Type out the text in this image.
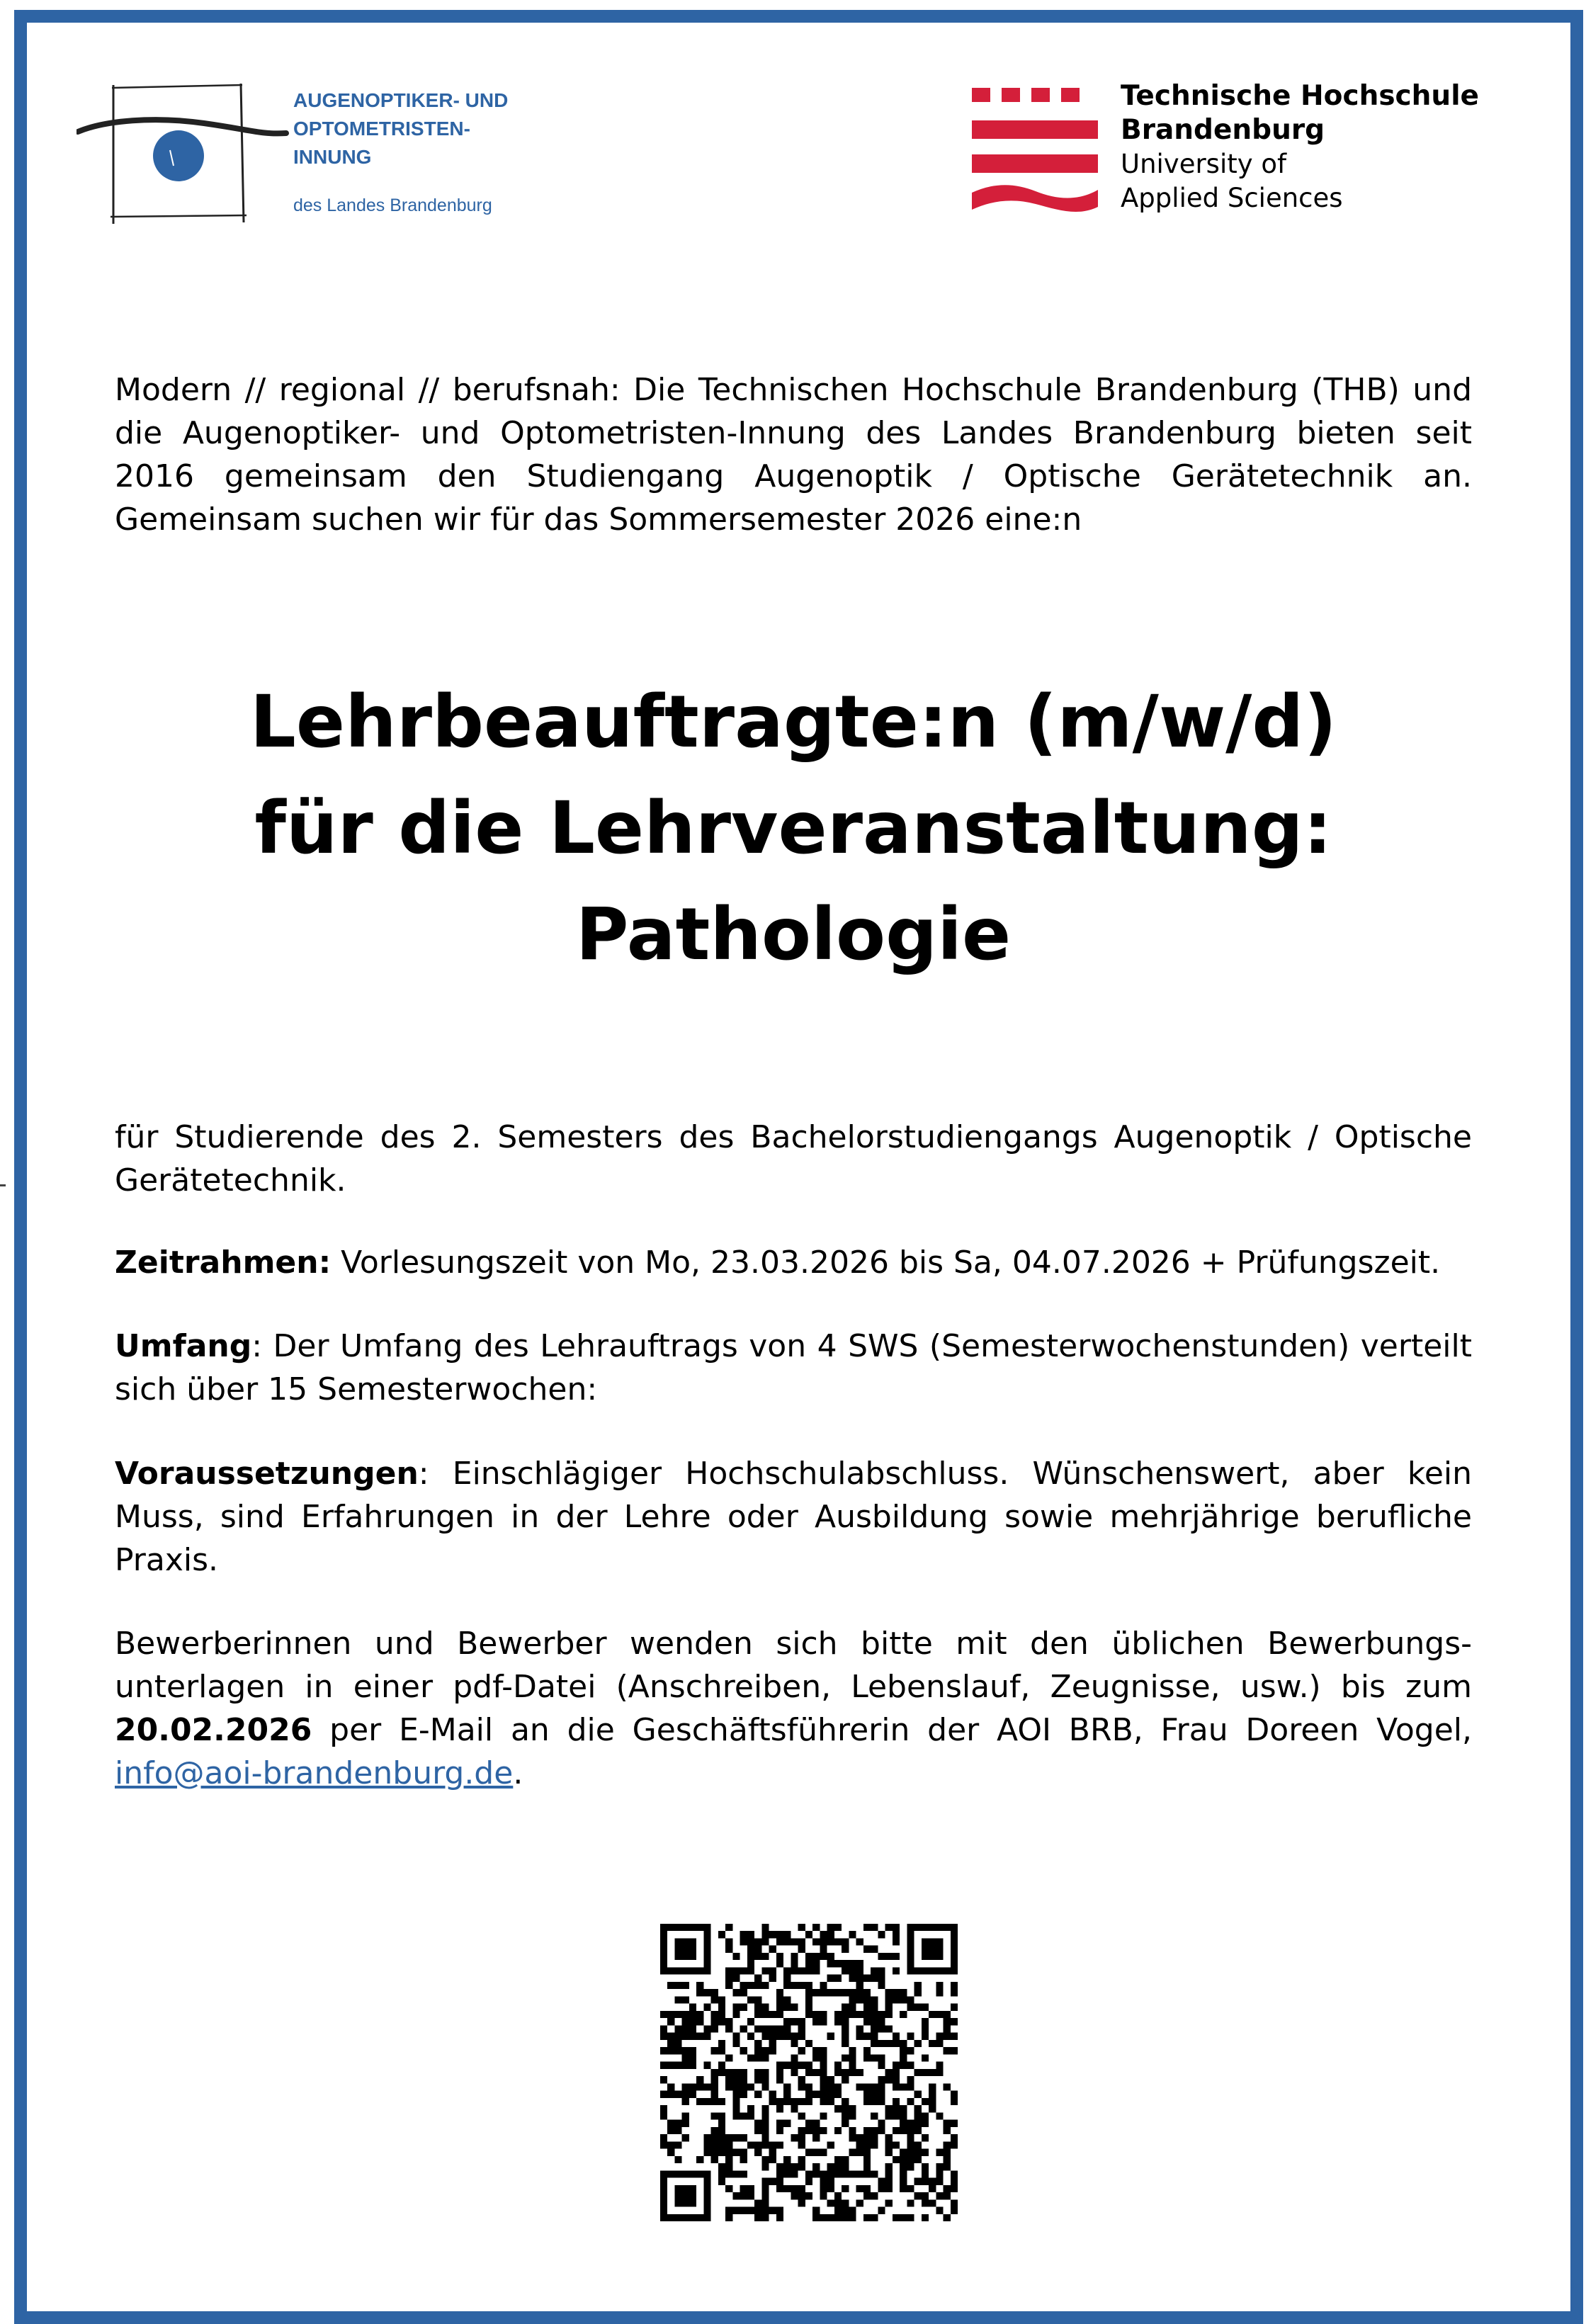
AUGENOPTIKER- UND
OPTOMETRISTEN-
INNUNG
des Landes Brandenburg
Technische Hochschule
Brandenburg
University of
Applied Sciences
Modern // regional // berufsnah: Die Technischen Hochschule Brandenburg (THB) und die Augenoptiker- und Optometristen-Innung des Landes Brandenburg bieten seit 2016 gemeinsam den Studiengang Augenoptik / Optische Gerätetechnik an. Gemeinsam suchen wir für das Sommersemester 2026 eine:n
Lehrbeauftragte:n (m/w/d)
für die Lehrveranstaltung:
Pathologie
für Studierende des 2. Semesters des Bachelorstudiengangs Augenoptik / Optische Gerätetechnik.
Zeitrahmen: Vorlesungszeit von Mo, 23.03.2026 bis Sa, 04.07.2026 + Prüfungszeit.
Umfang: Der Umfang des Lehrauftrags von 4 SWS (Semesterwochenstunden) verteilt sich über 15 Semesterwochen:
Voraussetzungen: Einschlägiger Hochschulabschluss. Wünschenswert, aber kein Muss, sind Erfahrungen in der Lehre oder Ausbildung sowie mehrjährige berufliche Praxis.
Bewerberinnen und Bewerber wenden sich bitte mit den üblichen Bewerbungs-unterlagen in einer pdf-Datei (Anschreiben, Lebenslauf, Zeugnisse, usw.) bis zum 20.02.2026 per E-Mail an die Geschäftsführerin der AOI BRB, Frau Doreen Vogel, info@aoi-brandenburg.de.
